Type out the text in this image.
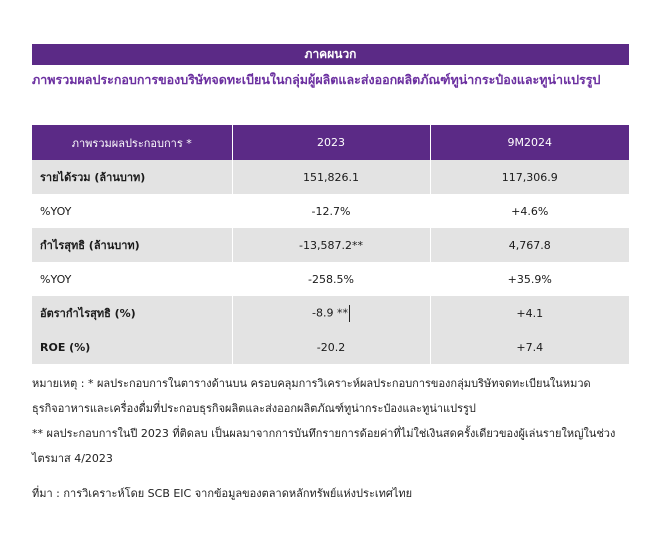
ภาคผนวก
ภาพรวมผลประกอบการของบริษัทจดทะเบียนในกลุ่มผู้ผลิตและส่งออกผลิตภัณฑ์ทูน่ากระป๋องและทูน่าแปรรูป
ภาพรวมผลประกอบการ *	2023	9M2024
รายได้รวม (ล้านบาท)	151,826.1	117,306.9
%YOY	-12.7%	+4.6%
กำไรสุทธิ (ล้านบาท)	-13,587.2**	4,767.8
%YOY	-258.5%	+35.9%
อัตรากำไรสุทธิ (%)	-8.9 **	+4.1
ROE (%)	-20.2	+7.4

หมายเหตุ : * ผลประกอบการในตารางด้านบน ครอบคลุมการวิเคราะห์ผลประกอบการของกลุ่มบริษัทจดทะเบียนในหมวด

ธุรกิจอาหารและเครื่องดื่มที่ประกอบธุรกิจผลิตและส่งออกผลิตภัณฑ์ทูน่ากระป๋องและทูน่าแปรรูป

** ผลประกอบการในปี 2023 ที่ติดลบ เป็นผลมาจากการบันทึกรายการด้อยค่าที่ไม่ใช่เงินสดครั้งเดียวของผู้เล่นรายใหญ่ในช่วง

ไตรมาส 4/2023

ที่มา : การวิเคราะห์โดย SCB EIC จากข้อมูลของตลาดหลักทรัพย์แห่งประเทศไทย
